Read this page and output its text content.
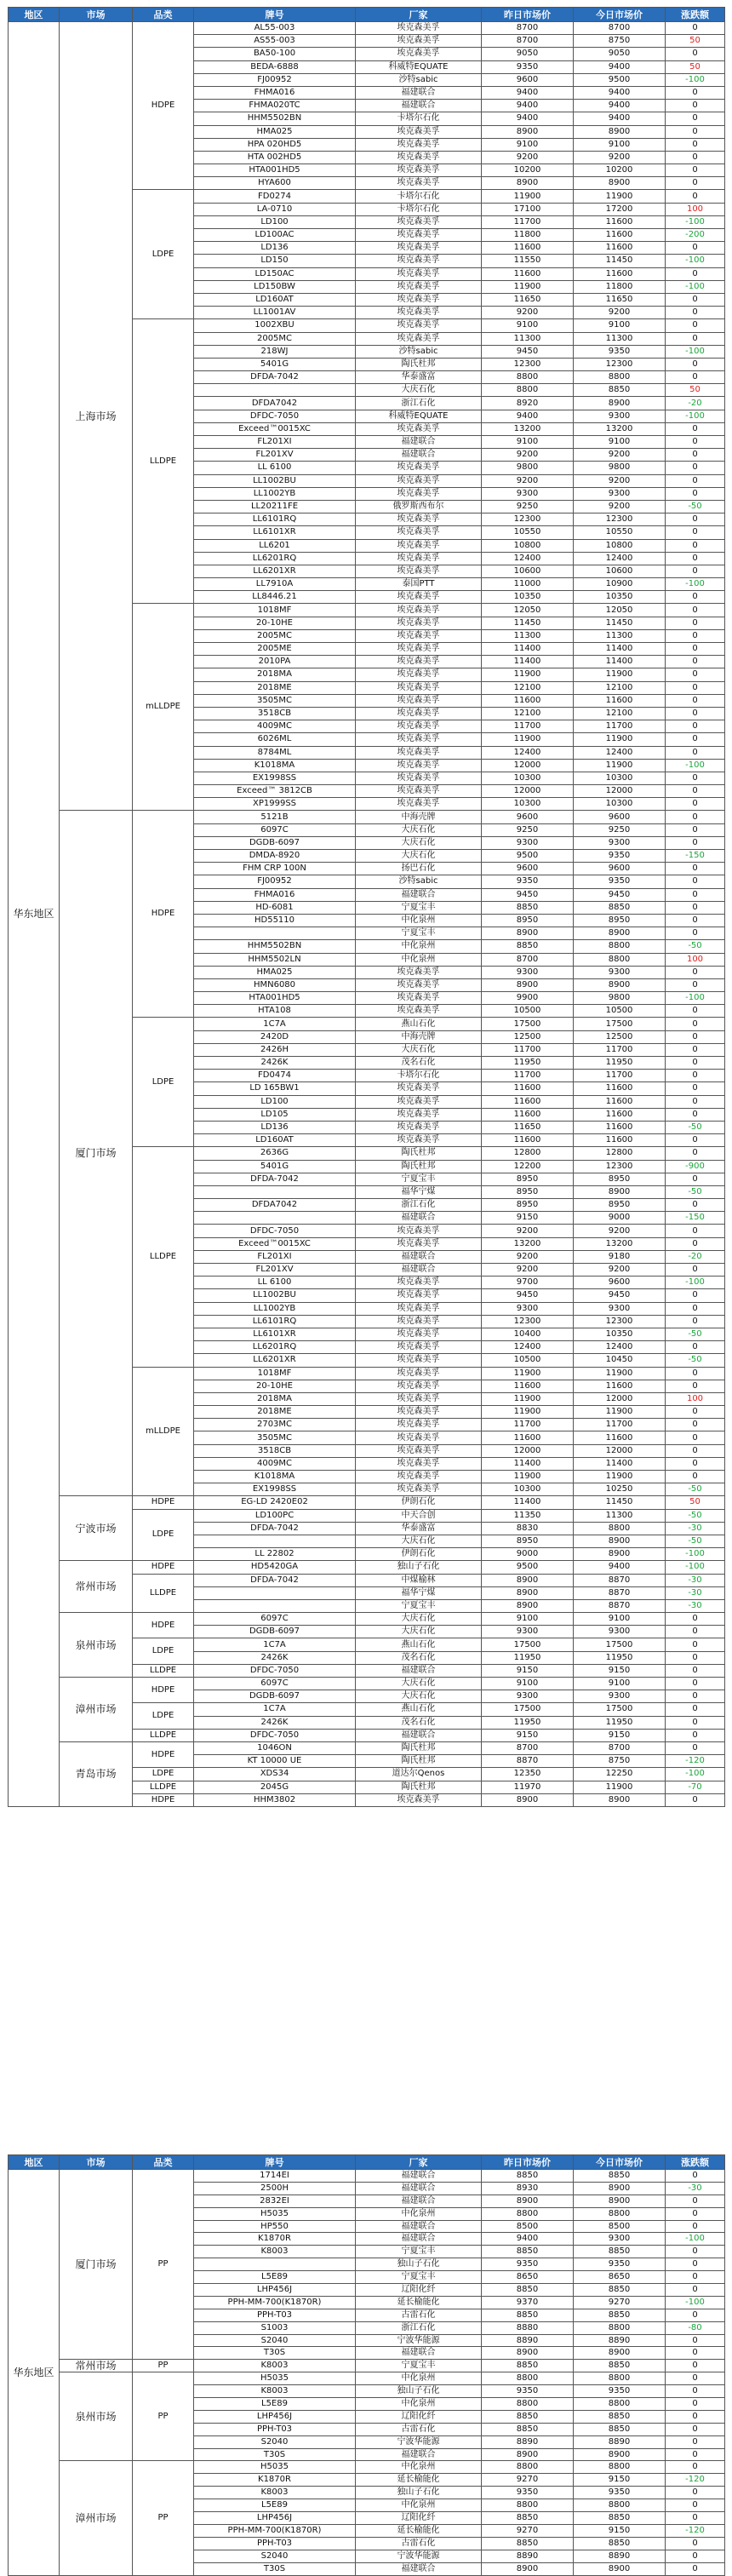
地区	市场	品类	牌号	厂家	昨日市场价	今日市场价	涨跌额
华东地区	上海市场	HDPE	AL55-003	埃克森美孚	8700	8700	0
			AS55-003	埃克森美孚	8700	8750	50
			BA50-100	埃克森美孚	9050	9050	0
			BEDA-6888	科威特EQUATE	9350	9400	50
			FJ00952	沙特sabic	9600	9500	-100
			FHMA016	福建联合	9400	9400	0
			FHMA020TC	福建联合	9400	9400	0
			HHM5502BN	卡塔尔石化	9400	9400	0
			HMA025	埃克森美孚	8900	8900	0
			HPA 020HD5	埃克森美孚	9100	9100	0
			HTA 002HD5	埃克森美孚	9200	9200	0
			HTA001HD5	埃克森美孚	10200	10200	0
			HYA600	埃克森美孚	8900	8900	0
		LDPE	FD0274	卡塔尔石化	11900	11900	0
			LA-0710	卡塔尔石化	17100	17200	100
			LD100	埃克森美孚	11700	11600	-100
			LD100AC	埃克森美孚	11800	11600	-200
			LD136	埃克森美孚	11600	11600	0
			LD150	埃克森美孚	11550	11450	-100
			LD150AC	埃克森美孚	11600	11600	0
			LD150BW	埃克森美孚	11900	11800	-100
			LD160AT	埃克森美孚	11650	11650	0
			LL1001AV	埃克森美孚	9200	9200	0
		LLDPE	1002XBU	埃克森美孚	9100	9100	0
			2005MC	埃克森美孚	11300	11300	0
			218WJ	沙特sabic	9450	9350	-100
			5401G	陶氏杜邦	12300	12300	0
			DFDA-7042	华泰盛富	8800	8800	0
				大庆石化	8800	8850	50
			DFDA7042	浙江石化	8920	8900	-20
			DFDC-7050	科威特EQUATE	9400	9300	-100
			Exceed™0015XC	埃克森美孚	13200	13200	0
			FL201XI	福建联合	9100	9100	0
			FL201XV	福建联合	9200	9200	0
			LL 6100	埃克森美孚	9800	9800	0
			LL1002BU	埃克森美孚	9200	9200	0
			LL1002YB	埃克森美孚	9300	9300	0
			LL20211FE	俄罗斯西布尔	9250	9200	-50
			LL6101RQ	埃克森美孚	12300	12300	0
			LL6101XR	埃克森美孚	10550	10550	0
			LL6201	埃克森美孚	10800	10800	0
			LL6201RQ	埃克森美孚	12400	12400	0
			LL6201XR	埃克森美孚	10600	10600	0
			LL7910A	泰国PTT	11000	10900	-100
			LL8446.21	埃克森美孚	10350	10350	0
		mLLDPE	1018MF	埃克森美孚	12050	12050	0
			20-10HE	埃克森美孚	11450	11450	0
			2005MC	埃克森美孚	11300	11300	0
			2005ME	埃克森美孚	11400	11400	0
			2010PA	埃克森美孚	11400	11400	0
			2018MA	埃克森美孚	11900	11900	0
			2018ME	埃克森美孚	12100	12100	0
			3505MC	埃克森美孚	11600	11600	0
			3518CB	埃克森美孚	12100	12100	0
			4009MC	埃克森美孚	11700	11700	0
			6026ML	埃克森美孚	11900	11900	0
			8784ML	埃克森美孚	12400	12400	0
			K1018MA	埃克森美孚	12000	11900	-100
			EX1998SS	埃克森美孚	10300	10300	0
			Exceed™ 3812CB	埃克森美孚	12000	12000	0
			XP1999SS	埃克森美孚	10300	10300	0
	厦门市场	HDPE	5121B	中海壳牌	9600	9600	0
			6097C	大庆石化	9250	9250	0
			DGDB-6097	大庆石化	9300	9300	0
			DMDA-8920	大庆石化	9500	9350	-150
			FHM CRP 100N	扬巴石化	9600	9600	0
			FJ00952	沙特sabic	9350	9350	0
			FHMA016	福建联合	9450	9450	0
			HD-6081	宁夏宝丰	8850	8850	0
			HD55110	中化泉州	8950	8950	0
				宁夏宝丰	8900	8900	0
			HHM5502BN	中化泉州	8850	8800	-50
			HHM5502LN	中化泉州	8700	8800	100
			HMA025	埃克森美孚	9300	9300	0
			HMN6080	埃克森美孚	8900	8900	0
			HTA001HD5	埃克森美孚	9900	9800	-100
			HTA108	埃克森美孚	10500	10500	0
		LDPE	1C7A	燕山石化	17500	17500	0
			2420D	中海壳牌	12500	12500	0
			2426H	大庆石化	11700	11700	0
			2426K	茂名石化	11950	11950	0
			FD0474	卡塔尔石化	11700	11700	0
			LD 165BW1	埃克森美孚	11600	11600	0
			LD100	埃克森美孚	11600	11600	0
			LD105	埃克森美孚	11600	11600	0
			LD136	埃克森美孚	11650	11600	-50
			LD160AT	埃克森美孚	11600	11600	0
		LLDPE	2636G	陶氏杜邦	12800	12800	0
			5401G	陶氏杜邦	12200	12300	-900
			DFDA-7042	宁夏宝丰	8950	8950	0
				福华宁煤	8950	8900	-50
			DFDA7042	浙江石化	8950	8950	0
				福建联合	9150	9000	-150
			DFDC-7050	埃克森美孚	9200	9200	0
			Exceed™0015XC	埃克森美孚	13200	13200	0
			FL201XI	福建联合	9200	9180	-20
			FL201XV	福建联合	9200	9200	0
			LL 6100	埃克森美孚	9700	9600	-100
			LL1002BU	埃克森美孚	9450	9450	0
			LL1002YB	埃克森美孚	9300	9300	0
			LL6101RQ	埃克森美孚	12300	12300	0
			LL6101XR	埃克森美孚	10400	10350	-50
			LL6201RQ	埃克森美孚	12400	12400	0
			LL6201XR	埃克森美孚	10500	10450	-50
		mLLDPE	1018MF	埃克森美孚	11900	11900	0
			20-10HE	埃克森美孚	11600	11600	0
			2018MA	埃克森美孚	11900	12000	100
			2018ME	埃克森美孚	11900	11900	0
			2703MC	埃克森美孚	11700	11700	0
			3505MC	埃克森美孚	11600	11600	0
			3518CB	埃克森美孚	12000	12000	0
			4009MC	埃克森美孚	11400	11400	0
			K1018MA	埃克森美孚	11900	11900	0
			EX1998SS	埃克森美孚	10300	10250	-50
	宁波市场	HDPE	EG-LD 2420E02	伊朗石化	11400	11450	50
		LDPE	LD100PC	中天合创	11350	11300	-50
			DFDA-7042	华泰盛富	8830	8800	-30
				大庆石化	8950	8900	-50
			LL 22802	伊朗石化	9000	8900	-100
	常州市场	HDPE	HD5420GA	独山子石化	9500	9400	-100
		LLDPE	DFDA-7042	中煤榆林	8900	8870	-30
				福华宁煤	8900	8870	-30
				宁夏宝丰	8900	8870	-30
	泉州市场	HDPE	6097C	大庆石化	9100	9100	0
			DGDB-6097	大庆石化	9300	9300	0
		LDPE	1C7A	燕山石化	17500	17500	0
			2426K	茂名石化	11950	11950	0
		LLDPE	DFDC-7050	福建联合	9150	9150	0
	漳州市场	HDPE	6097C	大庆石化	9100	9100	0
			DGDB-6097	大庆石化	9300	9300	0
		LDPE	1C7A	燕山石化	17500	17500	0
			2426K	茂名石化	11950	11950	0
		LLDPE	DFDC-7050	福建联合	9150	9150	0
	青岛市场	HDPE	1046ON	陶氏杜邦	8700	8700	0
			KT 10000 UE	陶氏杜邦	8870	8750	-120
		LDPE	XDS34	道达尔Qenos	12350	12250	-100
		LLDPE	2045G	陶氏杜邦	11970	11900	-70
		HDPE	HHM3802	埃克森美孚	8900	8900	0
地区	市场	品类	牌号	厂家	昨日市场价	今日市场价	涨跌额
华东地区	厦门市场	PP	1714EI	福建联合	8850	8850	0
			2500H	福建联合	8930	8900	-30
			2832EI	福建联合	8900	8900	0
			H5035	中化泉州	8800	8800	0
			HP550	福建联合	8500	8500	0
			K1870R	福建联合	9400	9300	-100
			K8003	宁夏宝丰	8850	8850	0
				独山子石化	9350	9350	0
			L5E89	宁夏宝丰	8650	8650	0
			LHP456J	辽阳化纤	8850	8850	0
			PPH-MM-700(K1870R)	延长榆能化	9370	9270	-100
			PPH-T03	古雷石化	8850	8850	0
			S1003	浙江石化	8880	8800	-80
			S2040	宁波华能源	8890	8890	0
			T30S	福建联合	8900	8900	0
	常州市场	PP	K8003	宁夏宝丰	8850	8850	0
	泉州市场	PP	H5035	中化泉州	8800	8800	0
			K8003	独山子石化	9350	9350	0
			L5E89	中化泉州	8800	8800	0
			LHP456J	辽阳化纤	8850	8850	0
			PPH-T03	古雷石化	8850	8850	0
			S2040	宁波华能源	8890	8890	0
			T30S	福建联合	8900	8900	0
	漳州市场	PP	H5035	中化泉州	8800	8800	0
			K1870R	延长榆能化	9270	9150	-120
			K8003	独山子石化	9350	9350	0
			L5E89	中化泉州	8800	8800	0
			LHP456J	辽阳化纤	8850	8850	0
			PPH-MM-700(K1870R)	延长榆能化	9270	9150	-120
			PPH-T03	古雷石化	8850	8850	0
			S2040	宁波华能源	8890	8890	0
			T30S	福建联合	8900	8900	0
